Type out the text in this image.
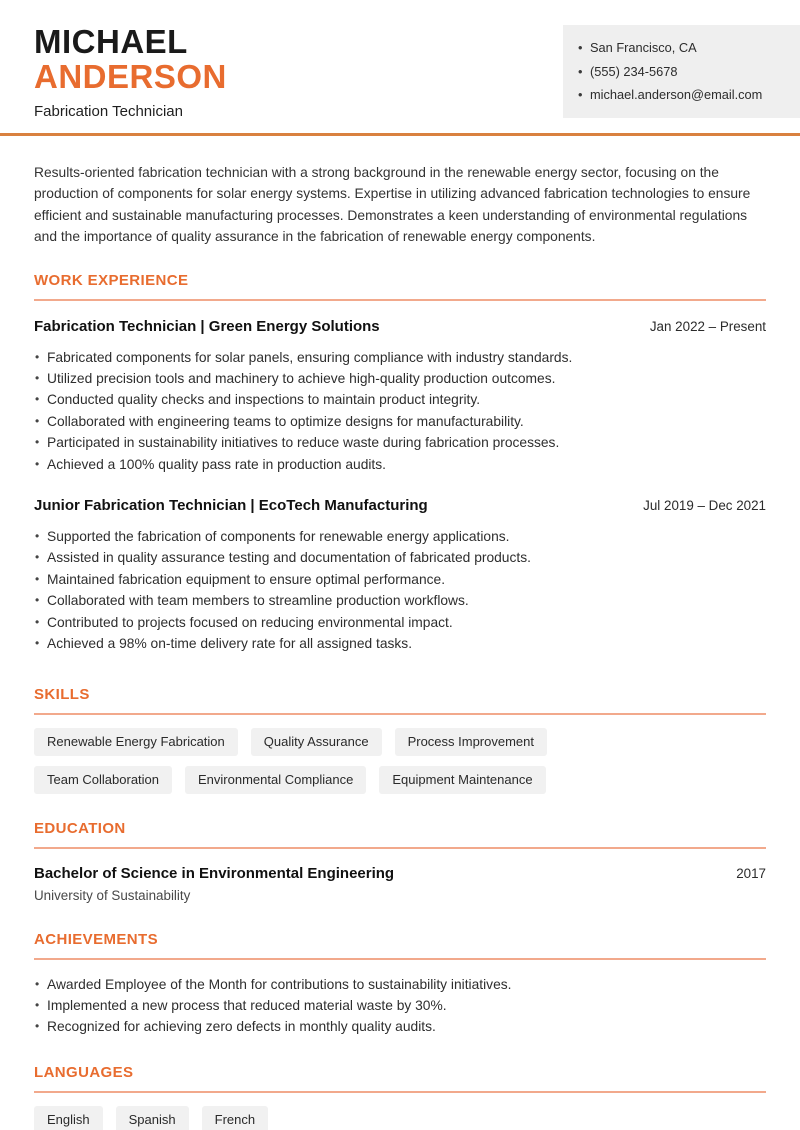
MICHAEL
ANDERSON
Fabrication Technician
• San Francisco, CA
• (555) 234-5678
• michael.anderson@email.com

Results-oriented fabrication technician with a strong background in the renewable energy sector, focusing on the production of components for solar energy systems. Expertise in utilizing advanced fabrication technologies to ensure efficient and sustainable manufacturing processes. Demonstrates a keen understanding of environmental regulations and the importance of quality assurance in the fabrication of renewable energy components.

WORK EXPERIENCE
Fabrication Technician | Green Energy Solutions	Jan 2022 – Present
• Fabricated components for solar panels, ensuring compliance with industry standards.
• Utilized precision tools and machinery to achieve high-quality production outcomes.
• Conducted quality checks and inspections to maintain product integrity.
• Collaborated with engineering teams to optimize designs for manufacturability.
• Participated in sustainability initiatives to reduce waste during fabrication processes.
• Achieved a 100% quality pass rate in production audits.
Junior Fabrication Technician | EcoTech Manufacturing	Jul 2019 – Dec 2021
• Supported the fabrication of components for renewable energy applications.
• Assisted in quality assurance testing and documentation of fabricated products.
• Maintained fabrication equipment to ensure optimal performance.
• Collaborated with team members to streamline production workflows.
• Contributed to projects focused on reducing environmental impact.
• Achieved a 98% on-time delivery rate for all assigned tasks.
SKILLS
Renewable Energy Fabrication	Quality Assurance	Process Improvement
Team Collaboration	Environmental Compliance	Equipment Maintenance
EDUCATION
Bachelor of Science in Environmental Engineering	2017
University of Sustainability
ACHIEVEMENTS
• Awarded Employee of the Month for contributions to sustainability initiatives.
• Implemented a new process that reduced material waste by 30%.
• Recognized for achieving zero defects in monthly quality audits.
LANGUAGES
English	Spanish	French
